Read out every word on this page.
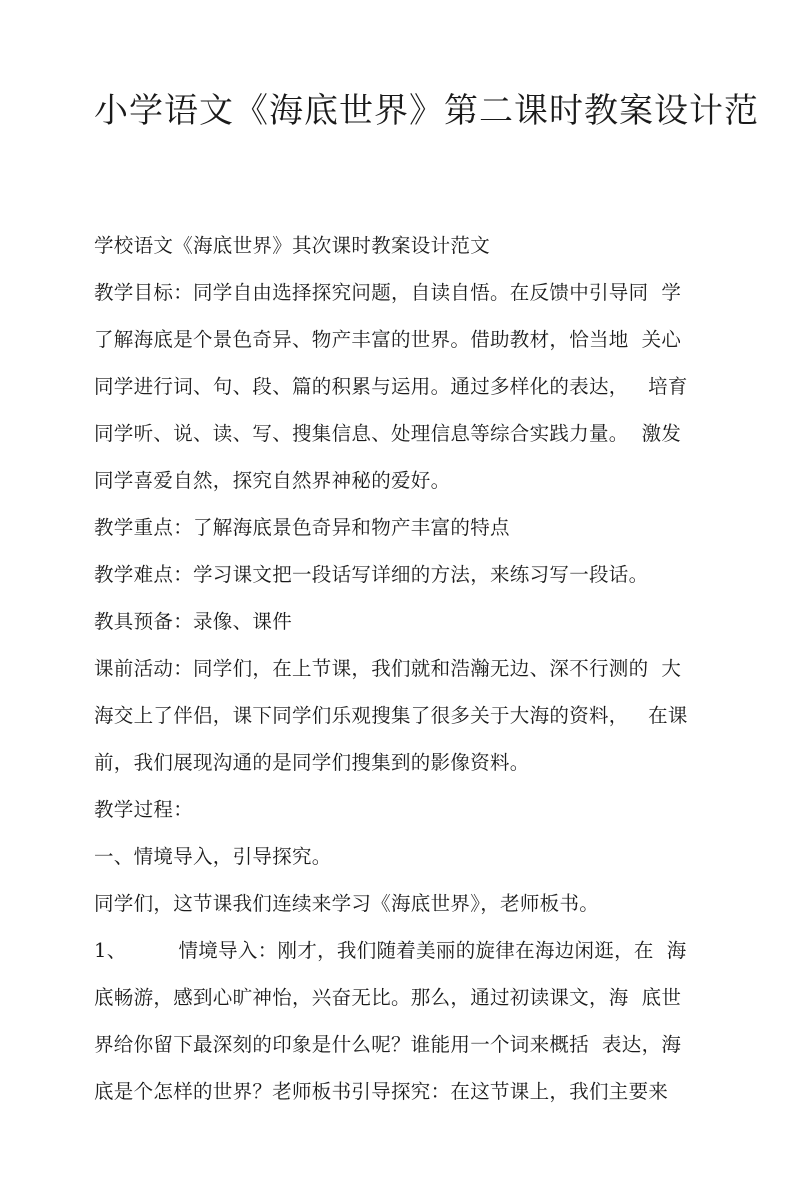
小学语文《海底世界》第二课时教案设计范
学校语文《海底世界》其次课时教案设计范文
教学目标：同学自由选择探究问题，自读自悟。在反馈中引导同  学
了解海底是个景色奇异、物产丰富的世界。借助教材，恰当地  关心
同学进行词、句、段、篇的积累与运用。通过多样化的表达，   培育
同学听、说、读、写、搜集信息、处理信息等综合实践力量。  激发
同学喜爱自然，探究自然界神秘的爱好。
教学重点：了解海底景色奇异和物产丰富的特点
教学难点：学习课文把一段话写详细的方法，来练习写一段话。
教具预备：录像、课件
课前活动：同学们，在上节课，我们就和浩瀚无边、深不行测的  大
海交上了伴侣，课下同学们乐观搜集了很多关于大海的资料，   在课
前，我们展现沟通的是同学们搜集到的影像资料。
教学过程：
一、情境导入，引导探究。
同学们，这节课我们连续来学习《海底世界》，老师板书。
1、        情境导入：刚才，我们随着美丽的旋律在海边闲逛，在  海
底畅游，感到心旷神怡，兴奋无比。那么，通过初读课文，海  底世
界给你留下最深刻的印象是什么呢？谁能用一个词来概括  表达，海
底是个怎样的世界？老师板书引导探究：在这节课上，我们主要来
